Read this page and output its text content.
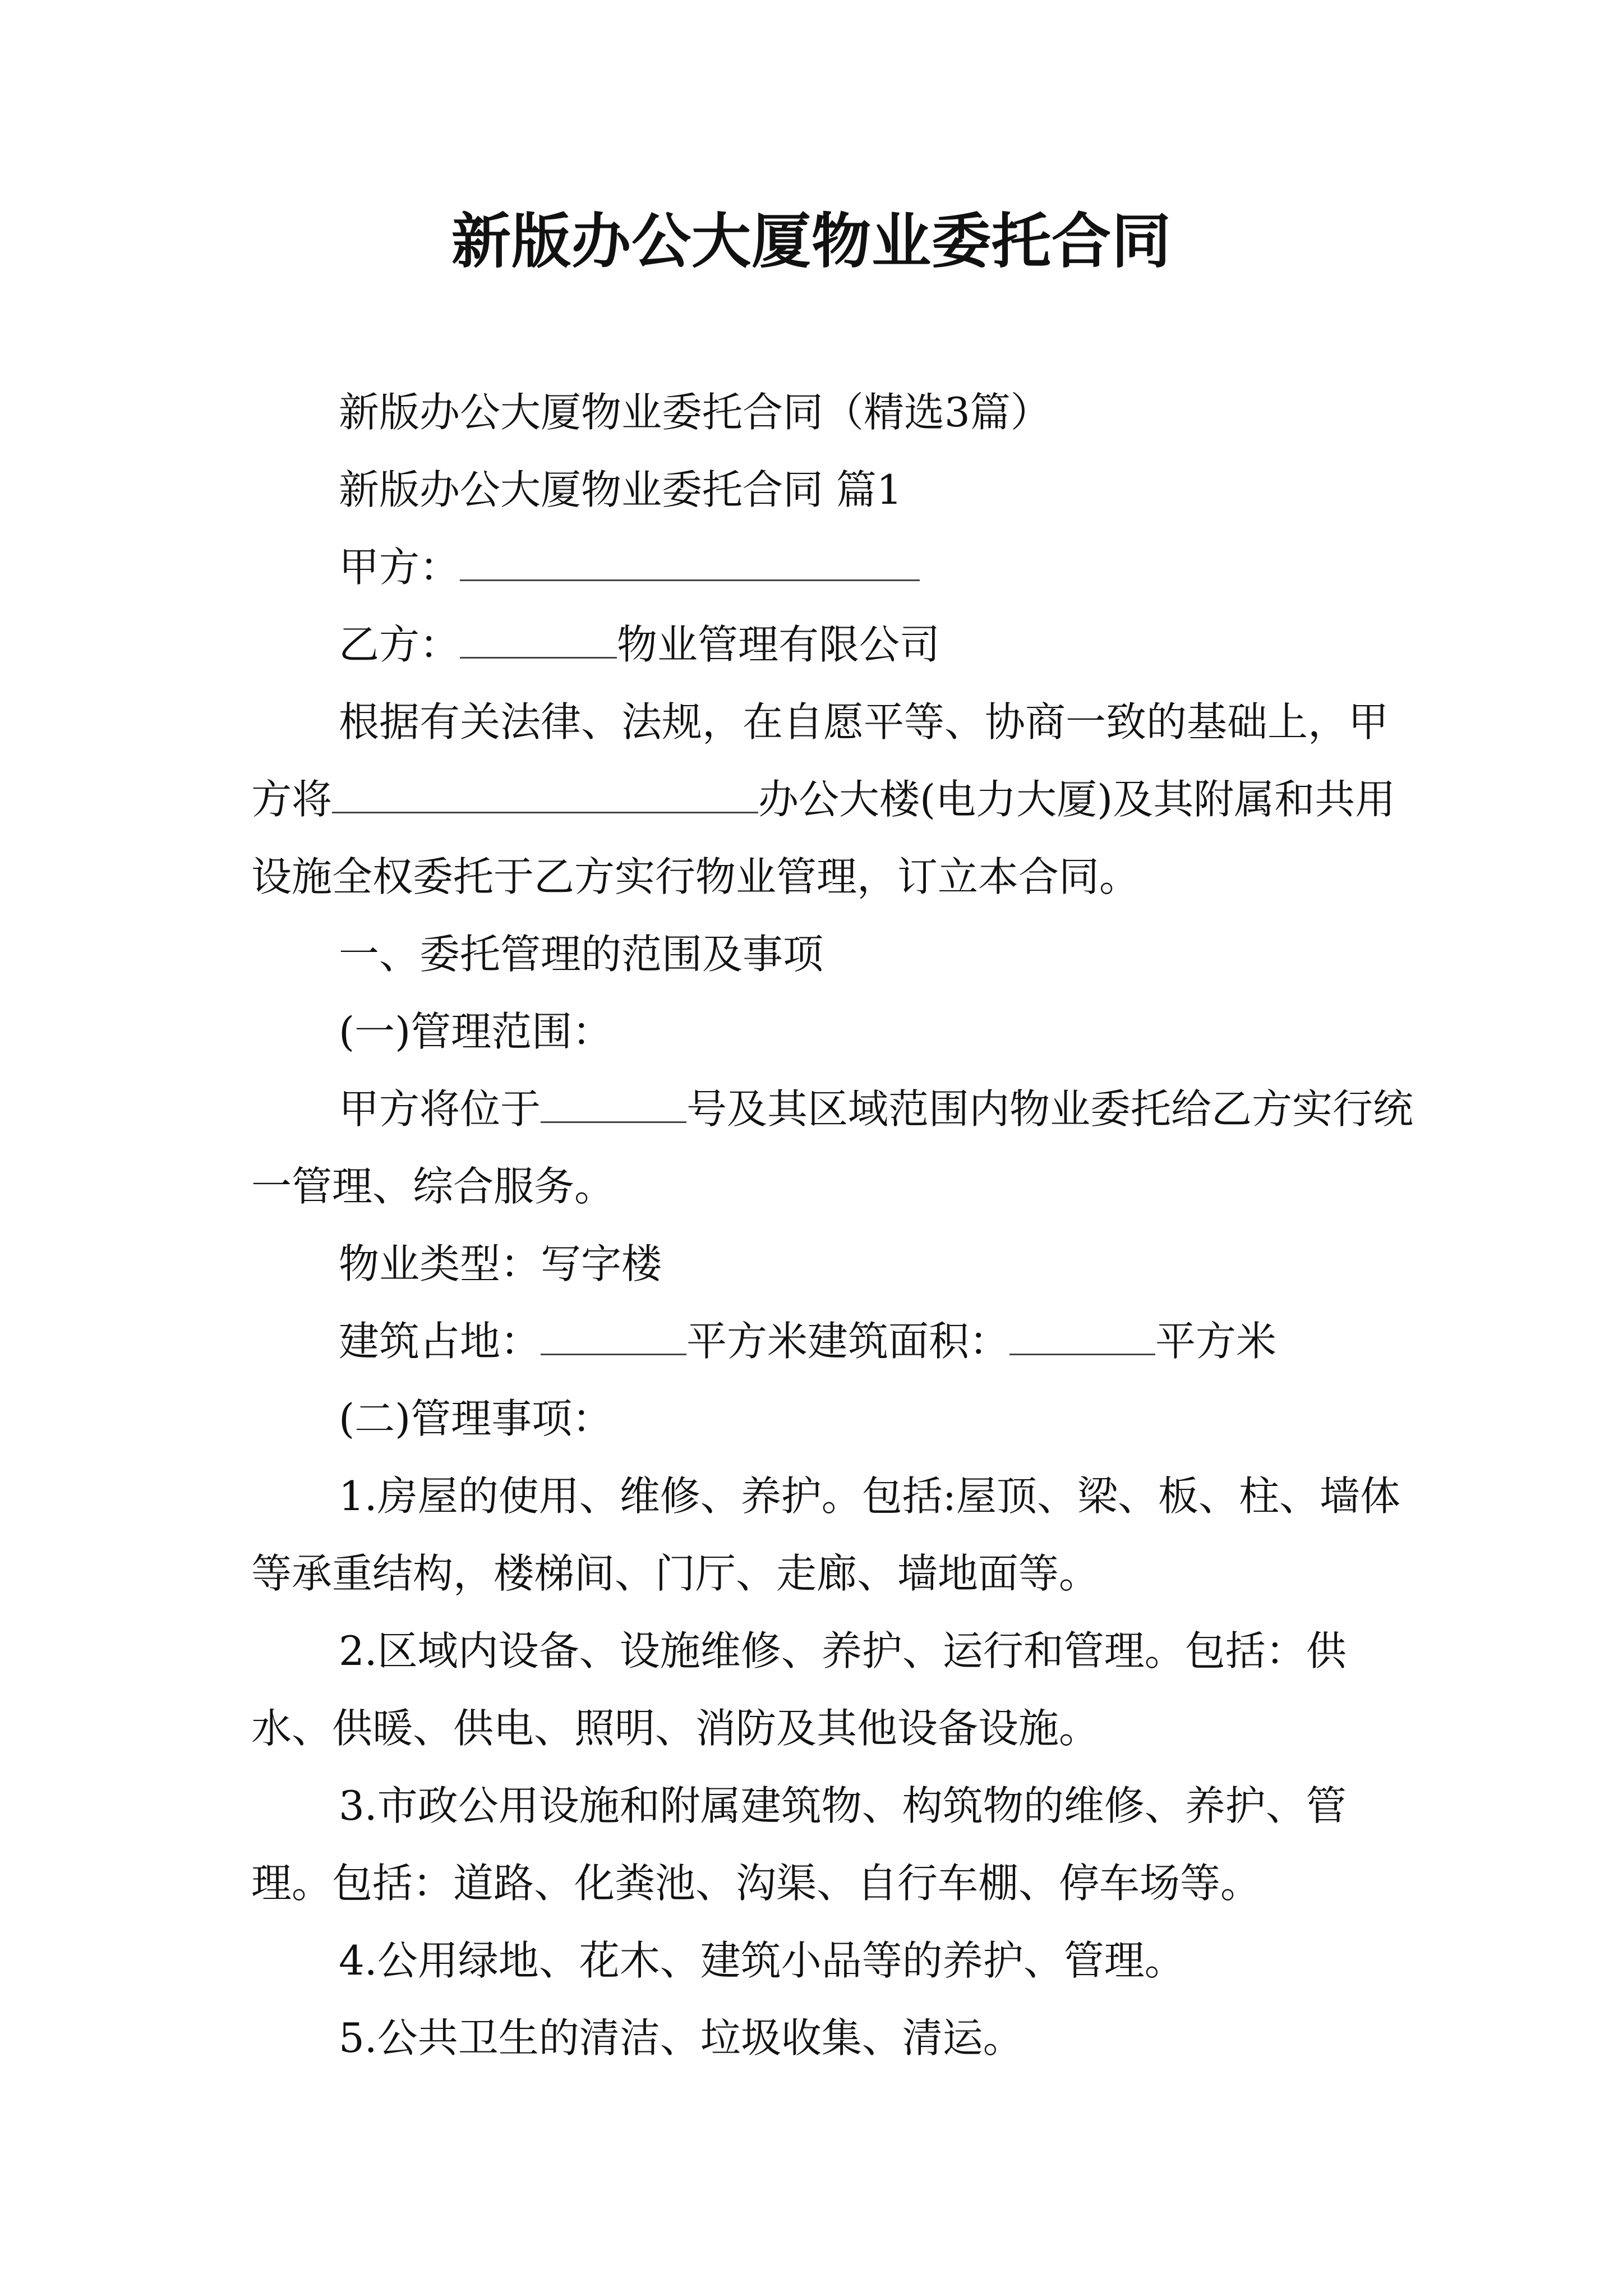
新版办公大厦物业委托合同

新版办公大厦物业委托合同（精选3篇）

新版办公大厦物业委托合同 篇1

甲方：

乙方：	物业管理有限公司

根据有关法律、法规，在自愿平等、协商一致的基础上，甲方将	办公大楼(电力大厦)及其附属和共用设施全权委托于乙方实行物业管理，订立本合同。

一、委托管理的范围及事项

(一)管理范围：

甲方将位于	号及其区域范围内物业委托给乙方实行统一管理、综合服务。

物业类型：写字楼

建筑占地：	平方米建筑面积：	平方米

(二)管理事项：

1.房屋的使用、维修、养护。包括:屋顶、梁、板、柱、墙体等承重结构，楼梯间、门厅、走廊、墙地面等。

2.区域内设备、设施维修、养护、运行和管理。包括：供水、供暖、供电、照明、消防及其他设备设施。

3.市政公用设施和附属建筑物、构筑物的维修、养护、管理。包括：道路、化粪池、沟渠、自行车棚、停车场等。

4.公用绿地、花木、建筑小品等的养护、管理。

5.公共卫生的清洁、垃圾收集、清运。
